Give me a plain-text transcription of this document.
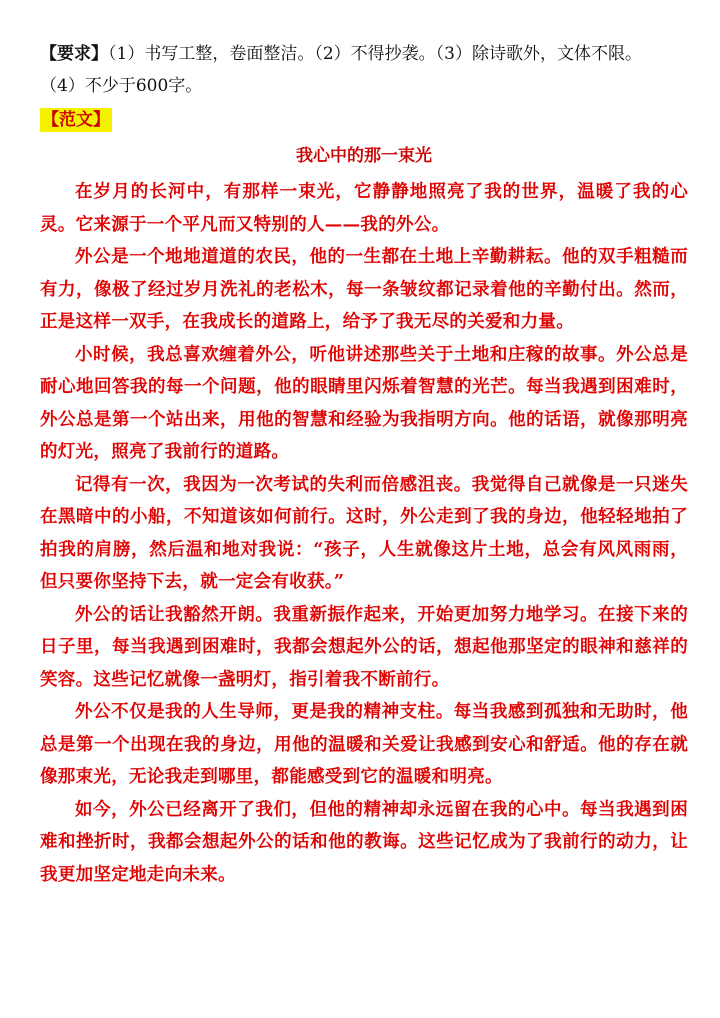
【要求】（1）书写工整，卷面整洁。（2）不得抄袭。（3）除诗歌外，文体不限。

（4）不少于600字。

【范文】
我心中的那一束光

在岁月的长河中，有那样一束光，它静静地照亮了我的世界，温暖了我的心灵。它来源于一个平凡而又特别的人——我的外公。

外公是一个地地道道的农民，他的一生都在土地上辛勤耕耘。他的双手粗糙而有力，像极了经过岁月洗礼的老松木，每一条皱纹都记录着他的辛勤付出。然而，正是这样一双手，在我成长的道路上，给予了我无尽的关爱和力量。

小时候，我总喜欢缠着外公，听他讲述那些关于土地和庄稼的故事。外公总是耐心地回答我的每一个问题，他的眼睛里闪烁着智慧的光芒。每当我遇到困难时，外公总是第一个站出来，用他的智慧和经验为我指明方向。他的话语，就像那明亮的灯光，照亮了我前行的道路。

记得有一次，我因为一次考试的失利而倍感沮丧。我觉得自己就像是一只迷失在黑暗中的小船，不知道该如何前行。这时，外公走到了我的身边，他轻轻地拍了拍我的肩膀，然后温和地对我说：“孩子，人生就像这片土地，总会有风风雨雨，但只要你坚持下去，就一定会有收获。”

外公的话让我豁然开朗。我重新振作起来，开始更加努力地学习。在接下来的日子里，每当我遇到困难时，我都会想起外公的话，想起他那坚定的眼神和慈祥的笑容。这些记忆就像一盏明灯，指引着我不断前行。

外公不仅是我的人生导师，更是我的精神支柱。每当我感到孤独和无助时，他总是第一个出现在我的身边，用他的温暖和关爱让我感到安心和舒适。他的存在就像那束光，无论我走到哪里，都能感受到它的温暖和明亮。

如今，外公已经离开了我们，但他的精神却永远留在我的心中。每当我遇到困难和挫折时，我都会想起外公的话和他的教诲。这些记忆成为了我前行的动力，让我更加坚定地走向未来。
